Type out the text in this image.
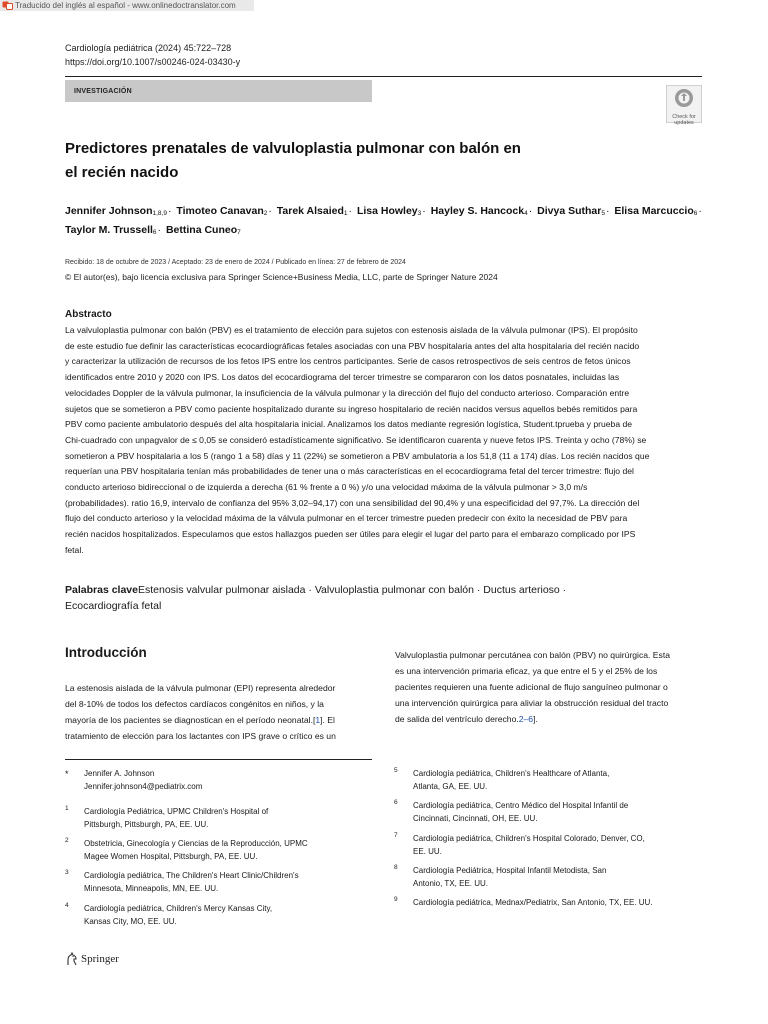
Traducido del inglés al español - www.onlinedoctranslator.com
Cardiología pediátrica (2024) 45:722–728
https://doi.org/10.1007/s00246-024-03430-y
INVESTIGACIÓN
Check for
updates
Predictores prenatales de valvuloplastia pulmonar con balón en
el recién nacido
Jennifer Johnson$_{1,8,9}$· Timoteo Canavan$_2$· Tarek Alsaied$_1$· Lisa Howley$_3$· Hayley S. Hancock$_4$· Divya Suthar$_5$· Elisa Marcuccio$_6$· Taylor M. Trussell$_6$· Bettina Cuneo$_7$
Recibido: 18 de octubre de 2023 / Aceptado: 23 de enero de 2024 / Publicado en línea: 27 de febrero de 2024
© El autor(es), bajo licencia exclusiva para Springer Science+Business Media, LLC, parte de Springer Nature 2024
Abstracto
La valvuloplastia pulmonar con balón (PBV) es el tratamiento de elección para sujetos con estenosis aislada de la válvula pulmonar (IPS). El propósito
de este estudio fue definir las características ecocardiográficas fetales asociadas con una PBV hospitalaria antes del alta hospitalaria del recién nacido
y caracterizar la utilización de recursos de los fetos IPS entre los centros participantes. Serie de casos retrospectivos de seis centros de fetos únicos
identificados entre 2010 y 2020 con IPS. Los datos del ecocardiograma del tercer trimestre se compararon con los datos posnatales, incluidas las
velocidades Doppler de la válvula pulmonar, la insuficiencia de la válvula pulmonar y la dirección del flujo del conducto arterioso. Comparación entre
sujetos que se sometieron a PBV como paciente hospitalizado durante su ingreso hospitalario de recién nacidos versus aquellos bebés remitidos para
PBV como paciente ambulatorio después del alta hospitalaria inicial. Analizamos los datos mediante regresión logística, Student.tprueba y prueba de
Chi-cuadrado con unpagvalor de ≤ 0,05 se consideró estadísticamente significativo. Se identificaron cuarenta y nueve fetos IPS. Treinta y ocho (78%) se
sometieron a PBV hospitalaria a los 5 (rango 1 a 58) días y 11 (22%) se sometieron a PBV ambulatoria a los 51,8 (11 a 174) días. Los recién nacidos que
requerían una PBV hospitalaria tenían más probabilidades de tener una o más características en el ecocardiograma fetal del tercer trimestre: flujo del
conducto arterioso bidireccional o de izquierda a derecha (61 % frente a 0 %) y/o una velocidad máxima de la válvula pulmonar > 3,0 m/s
(probabilidades). ratio 16,9, intervalo de confianza del 95% 3,02–94,17) con una sensibilidad del 90,4% y una especificidad del 97,7%. La dirección del
flujo del conducto arterioso y la velocidad máxima de la válvula pulmonar en el tercer trimestre pueden predecir con éxito la necesidad de PBV para
recién nacidos hospitalizados. Especulamos que estos hallazgos pueden ser útiles para elegir el lugar del parto para el embarazo complicado por IPS
fetal.
Palabras claveEstenosis valvular pulmonar aislada · Valvuloplastia pulmonar con balón · Ductus arterioso ·
Ecocardiografía fetal
Introducción
La estenosis aislada de la válvula pulmonar (EPI) representa alrededor
del 8-10% de todos los defectos cardíacos congénitos en niños, y la
mayoría de los pacientes se diagnostican en el período neonatal.[1]. El
tratamiento de elección para los lactantes con IPS grave o crítico es un
Valvuloplastia pulmonar percutánea con balón (PBV) no quirúrgica. Esta
es una intervención primaria eficaz, ya que entre el 5 y el 25% de los
pacientes requieren una fuente adicional de flujo sanguíneo pulmonar o
una intervención quirúrgica para aliviar la obstrucción residual del tracto
de salida del ventrículo derecho.2–6].
* Jennifer A. Johnson
Jennifer.johnson4@pediatrix.com
1 Cardiología Pediátrica, UPMC Children's Hospital of
Pittsburgh, Pittsburgh, PA, EE. UU.
2 Obstetricia, Ginecología y Ciencias de la Reproducción, UPMC
Magee Women Hospital, Pittsburgh, PA, EE. UU.
3 Cardiología pediátrica, The Children's Heart Clinic/Children's
Minnesota, Minneapolis, MN, EE. UU.
4 Cardiología pediátrica, Children's Mercy Kansas City,
Kansas City, MO, EE. UU.
5 Cardiología pediátrica, Children's Healthcare of Atlanta,
Atlanta, GA, EE. UU.
6 Cardiología pediátrica, Centro Médico del Hospital Infantil de
Cincinnati, Cincinnati, OH, EE. UU.
7 Cardiología pediátrica, Children's Hospital Colorado, Denver, CO,
EE. UU.
8 Cardiología Pediátrica, Hospital Infantil Metodista, San
Antonio, TX, EE. UU.
9 Cardiología pediátrica, Mednax/Pediatrix, San Antonio, TX, EE. UU.
Springer
